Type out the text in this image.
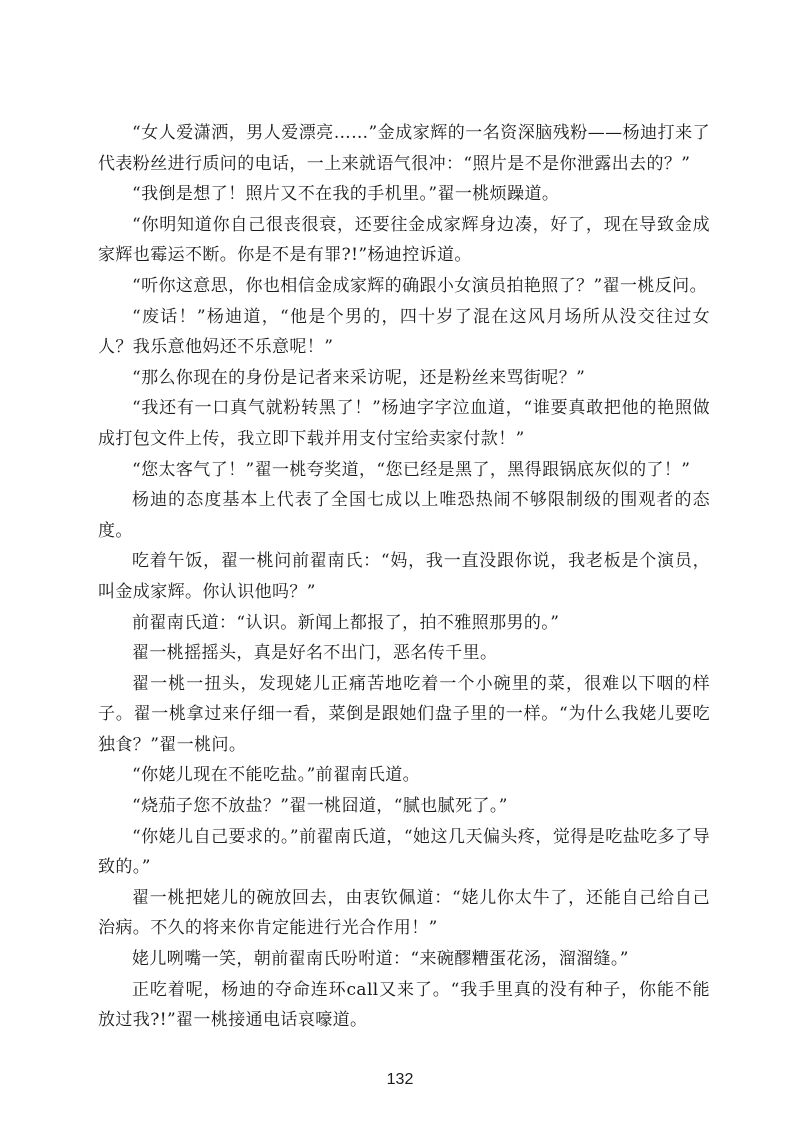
“女人爱潇洒，男人爱漂亮……”金成家辉的一名资深脑残粉——杨迪打来了代表粉丝进行质问的电话，一上来就语气很冲：“照片是不是你泄露出去的？”

“我倒是想了！照片又不在我的手机里。”翟一桃烦躁道。

“你明知道你自己很丧很衰，还要往金成家辉身边凑，好了，现在导致金成家辉也霉运不断。你是不是有罪?!”杨迪控诉道。

“听你这意思，你也相信金成家辉的确跟小女演员拍艳照了？”翟一桃反问。

“废话！”杨迪道，“他是个男的，四十岁了混在这风月场所从没交往过女人？我乐意他妈还不乐意呢！”

“那么你现在的身份是记者来采访呢，还是粉丝来骂街呢？”

“我还有一口真气就粉转黑了！”杨迪字字泣血道，“谁要真敢把他的艳照做成打包文件上传，我立即下载并用支付宝给卖家付款！”

“您太客气了！”翟一桃夸奖道，“您已经是黑了，黑得跟锅底灰似的了！”

杨迪的态度基本上代表了全国七成以上唯恐热闹不够限制级的围观者的态度。

吃着午饭，翟一桃问前翟南氏：“妈，我一直没跟你说，我老板是个演员，叫金成家辉。你认识他吗？”

前翟南氏道：“认识。新闻上都报了，拍不雅照那男的。”

翟一桃摇摇头，真是好名不出门，恶名传千里。

翟一桃一扭头，发现姥儿正痛苦地吃着一个小碗里的菜，很难以下咽的样子。翟一桃拿过来仔细一看，菜倒是跟她们盘子里的一样。“为什么我姥儿要吃独食？”翟一桃问。

“你姥儿现在不能吃盐。”前翟南氏道。

“烧茄子您不放盐？”翟一桃囧道，“腻也腻死了。”

“你姥儿自己要求的。”前翟南氏道，“她这几天偏头疼，觉得是吃盐吃多了导致的。”

翟一桃把姥儿的碗放回去，由衷钦佩道：“姥儿你太牛了，还能自己给自己治病。不久的将来你肯定能进行光合作用！”

姥儿咧嘴一笑，朝前翟南氏吩咐道：“来碗醪糟蛋花汤，溜溜缝。”

正吃着呢，杨迪的夺命连环call又来了。“我手里真的没有种子，你能不能放过我?!”翟一桃接通电话哀嚎道。

132
